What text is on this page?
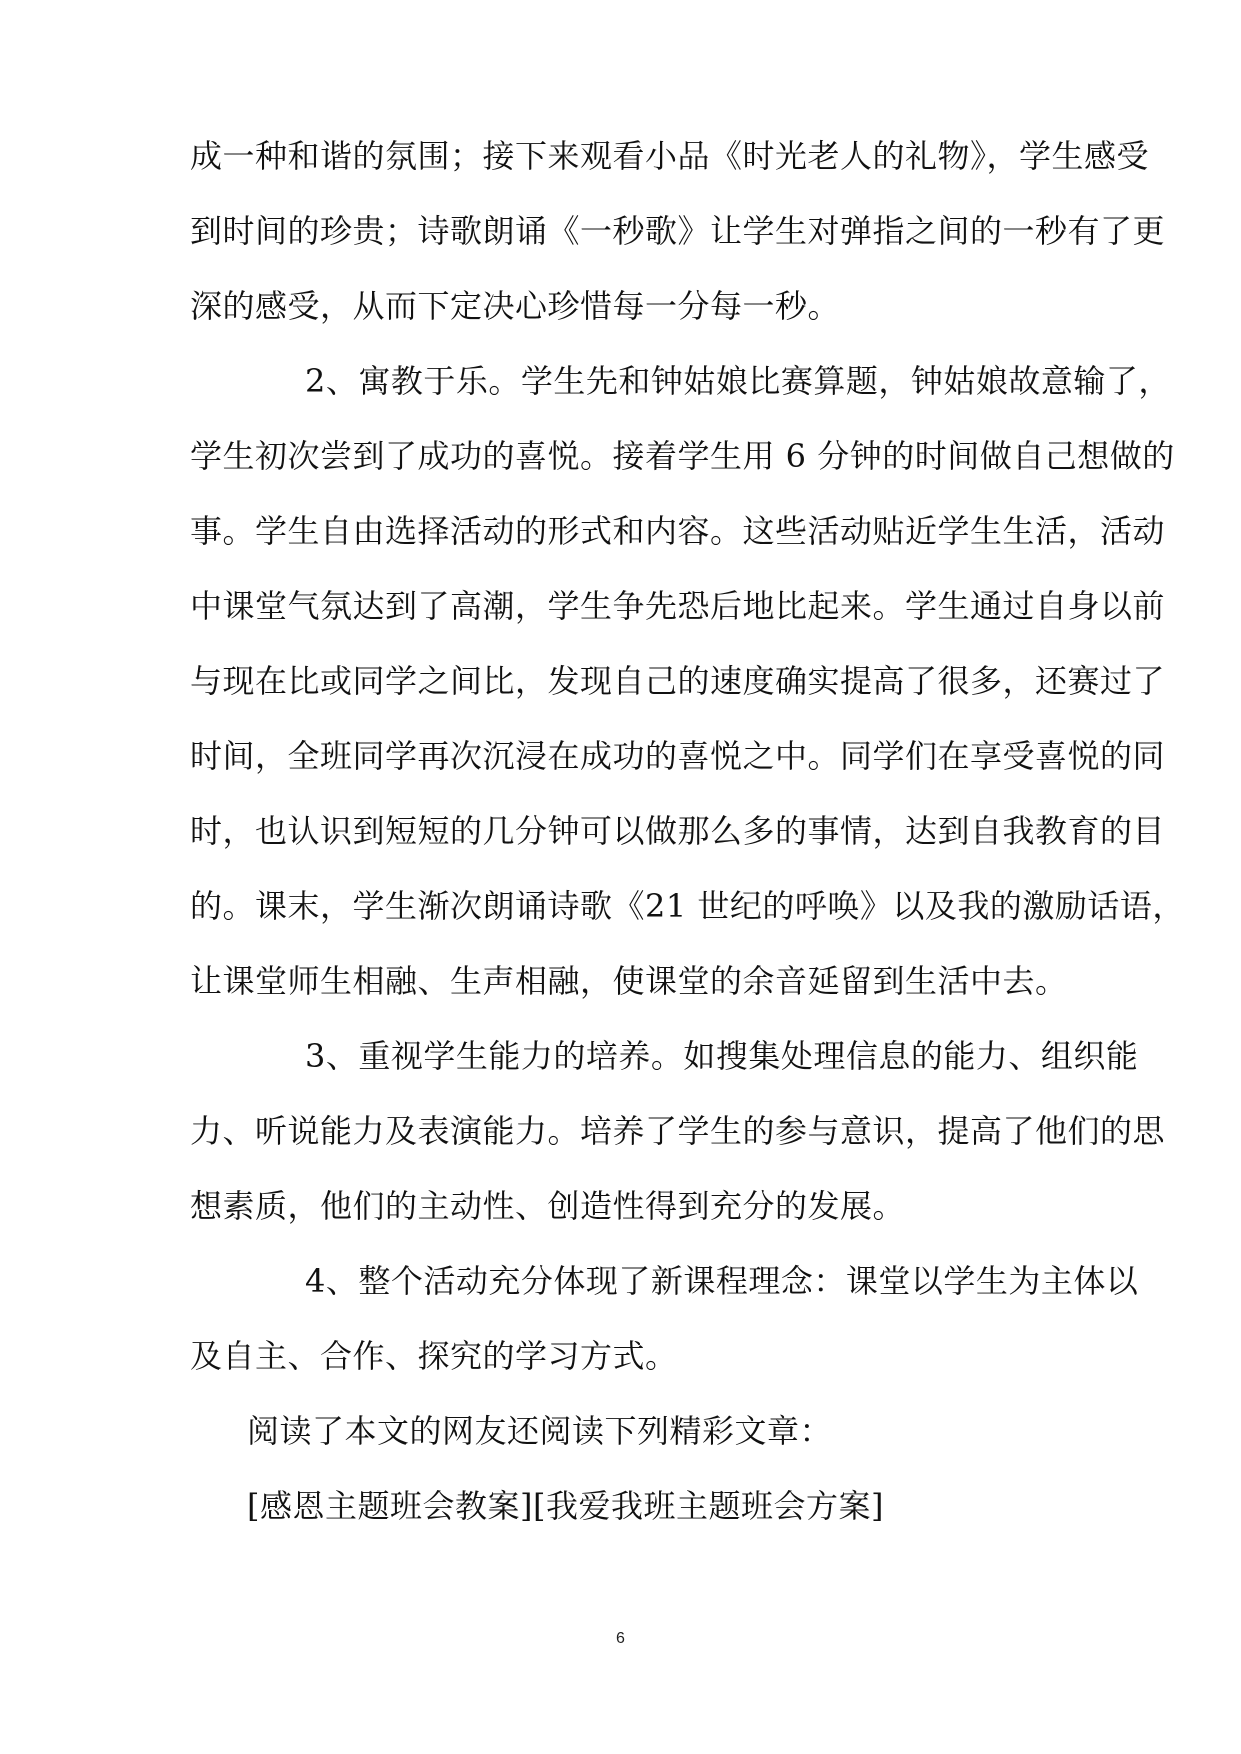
成一种和谐的氛围；接下来观看小品《时光老人的礼物》，学生感受
到时间的珍贵；诗歌朗诵《一秒歌》让学生对弹指之间的一秒有了更
深的感受，从而下定决心珍惜每一分每一秒。
2、寓教于乐。学生先和钟姑娘比赛算题，钟姑娘故意输了，
学生初次尝到了成功的喜悦。接着学生用 6 分钟的时间做自己想做的
事。学生自由选择活动的形式和内容。这些活动贴近学生生活，活动
中课堂气氛达到了高潮，学生争先恐后地比起来。学生通过自身以前
与现在比或同学之间比，发现自己的速度确实提高了很多，还赛过了
时间，全班同学再次沉浸在成功的喜悦之中。同学们在享受喜悦的同
时，也认识到短短的几分钟可以做那么多的事情，达到自我教育的目
的。课末，学生渐次朗诵诗歌《21 世纪的呼唤》以及我的激励话语，
让课堂师生相融、生声相融，使课堂的余音延留到生活中去。
3、重视学生能力的培养。如搜集处理信息的能力、组织能
力、听说能力及表演能力。培养了学生的参与意识，提高了他们的思
想素质，他们的主动性、创造性得到充分的发展。
4、整个活动充分体现了新课程理念：课堂以学生为主体以
及自主、合作、探究的学习方式。
阅读了本文的网友还阅读下列精彩文章：
[感恩主题班会教案][我爱我班主题班会方案]
6
